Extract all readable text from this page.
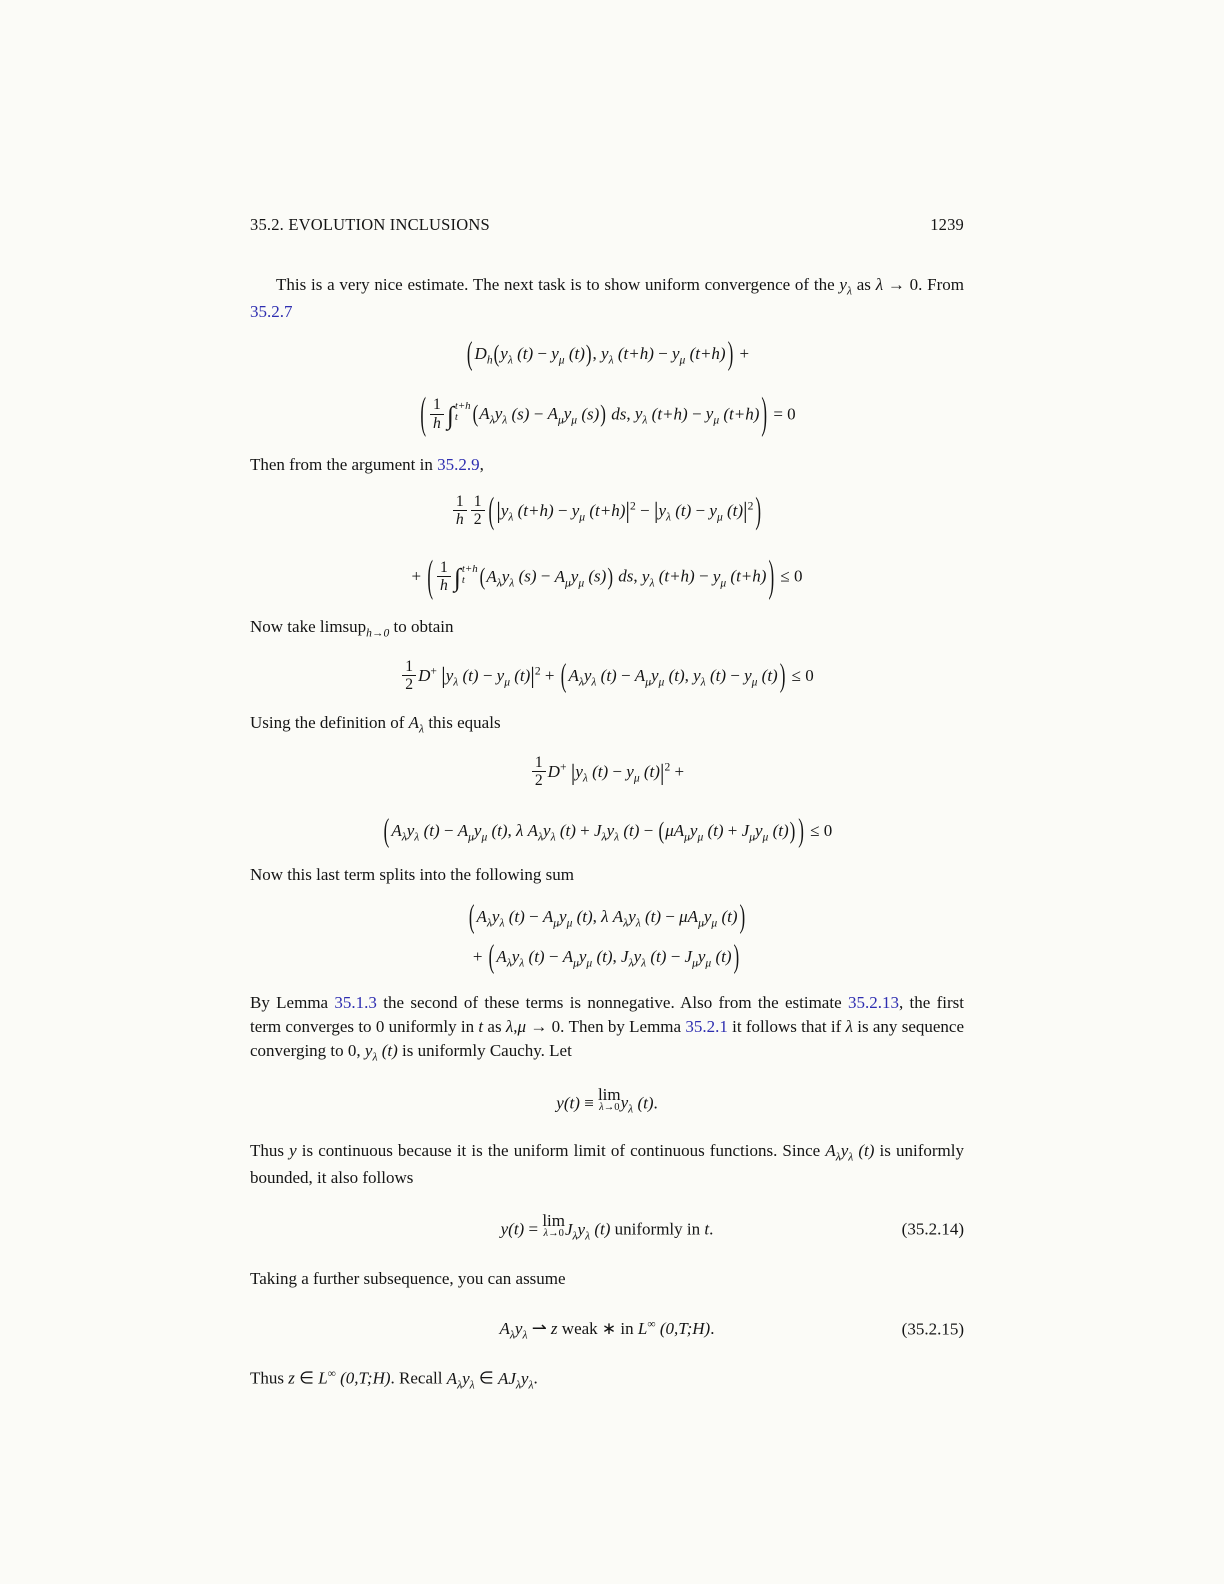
35.2. EVOLUTION INCLUSIONS	1239

This is a very nice estimate. The next task is to show uniform convergence of the $y_\lambda$ as λ → 0. From 35.2.7

( $D_h(y_\lambda$ $(t) - y_\mu$ (t)), $y_\lambda$ $(t+h) - y_\mu$ (t+h) ) +
( $\frac{1}{h}$ ∫ t+h
t ($A_\lambda y_\lambda$ $(s) - A_\mu y_\mu$ (s)) ds, $y_\lambda$ $(t+h) - y_\mu$ (t+h) ) = 0

Then from the argument in 35.2.9,

$\frac{1}{h} \frac{1}{2} (|y_\lambda$ $(t+h) - y_\mu$ $(t+h)|^2 - |y_\lambda$ $(t) - y_\mu$ $(t)|^2$ )
+ ( $\frac{1}{h}$ ∫ t+h
t ($A_\lambda y_\lambda$ $(s) - A_\mu y_\mu$ (s)) ds, $y_\lambda$ $(t+h) - y_\mu$ (t+h) ) ≤ 0

Now take limsup$_{h\to 0}$ to obtain

$\frac{1}{2} D^+$ $|y_\lambda$ $(t) - y_\mu$ $(t)|^2$ + ( $A_\lambda y_\lambda$ $(t) - A_\mu y_\mu$ (t), $y_\lambda$ $(t) - y_\mu$ (t) ) ≤ 0

Using the definition of $A_\lambda$ this equals

$\frac{1}{2} D^+$ $|y_\lambda$ $(t) - y_\mu$ $(t)|^2$ +
( $A_\lambda y_\lambda$ $(t) - A_\mu y_\mu$ (t), λ $A_\lambda y_\lambda$ $(t) + J_\lambda y_\lambda$ $(t) - (\mu A_\mu y_\mu$ $(t) + J_\mu y_\mu$ (t)) ) ≤ 0

Now this last term splits into the following sum

( $A_\lambda y_\lambda$ $(t) - A_\mu y_\mu$ (t), λ $A_\lambda y_\lambda$ $(t) - \mu A_\mu y_\mu$ (t) )
+ ( $A_\lambda y_\lambda$ $(t) - A_\mu y_\mu$ (t), $J_\lambda y_\lambda$ $(t) - J_\mu y_\mu$ (t) )

By Lemma 35.1.3 the second of these terms is nonnegative. Also from the estimate 35.2.13, the first term converges to 0 uniformly in t as λ,μ → 0. Then by Lemma 35.2.1 it follows that if λ is any sequence converging to 0, $y_\lambda$ (t) is uniformly Cauchy. Let

y(t) ≡ lim
λ→0 $y_\lambda$ (t).

Thus y is continuous because it is the uniform limit of continuous functions. Since $A_\lambda y_\lambda$ (t) is uniformly bounded, it also follows

y(t) = lim
λ→0 $J_\lambda y_\lambda$ (t) uniformly in t.	(35.2.14)

Taking a further subsequence, you can assume

$A_\lambda y_\lambda$ ⇀ z weak ∗ in L∞ (0,T;H).	(35.2.15)

Thus z ∈ L∞ (0,T;H). Recall $A_\lambda y_\lambda$ ∈ $AJ_\lambda y_\lambda$.
